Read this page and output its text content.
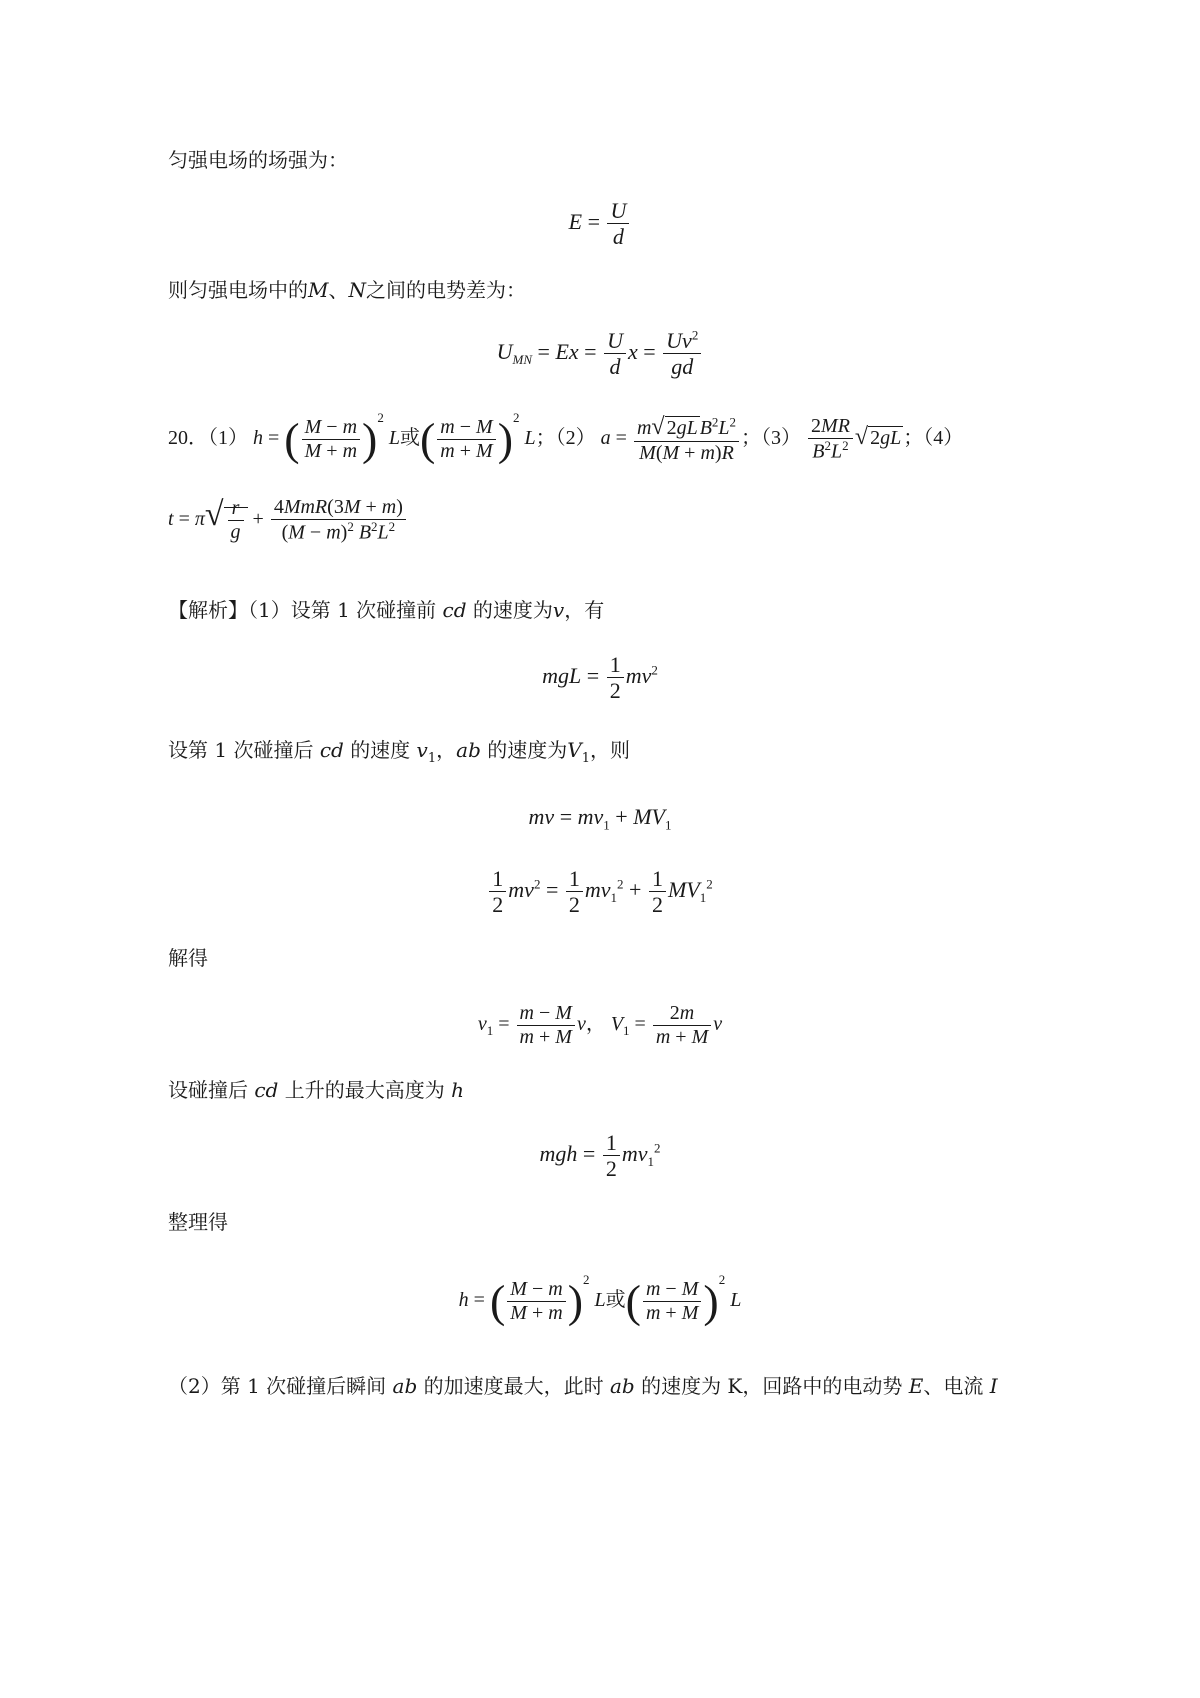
匀强电场的场强为：
$E = \frac{U}{d}$
则匀强电场中的M、N之间的电势差为：
$U_{MN} = Ex = \frac{U}{d}$ $x = \frac{Uv^2}{gd}$
20．（1） h = ( $\frac{M - m}{M + m} )^2$ L或( $\frac{m - M}{m + M} )^2$ L；（2） $a = \frac{m√ 2gL B^2L^2}{M(M + m)R}$ ；$(3) \frac{2MR}{B^2L^2}$ √ 2gL ；（4）
$t = \pi√ \frac{r}{g} + \frac{\text{4MmR(3M + m)}}{(M - m)^2 B^2L^2}$
【解析】（1）设第 1 次碰撞前 cd 的速度为v，有
mgL = $\frac{1}{2} mv^2$
设第 1 次碰撞后 cd 的速度 $v_1$，ab 的速度为$V_1$，则
mv = $mv_1 + MV_1$
$\frac{1}{2} mv^2 = \frac{1}{2} mv_1^2 + \frac{1}{2} MV_1^2$
解得
$v_1 = \frac{m - M}{m + M}$ v， $V_1 = \frac{2m}{m + M}$ v
设碰撞后 cd 上升的最大高度为 h
mgh = $\frac{1}{2} mv_1^2$
整理得
h = ( $\frac{M - m}{M + m} )^2$ L或( $\frac{m - M}{m + M} )^2$ L
（2）第 1 次碰撞后瞬间 ab 的加速度最大，此时 ab 的速度为 K，回路中的电动势 E、电流 I
